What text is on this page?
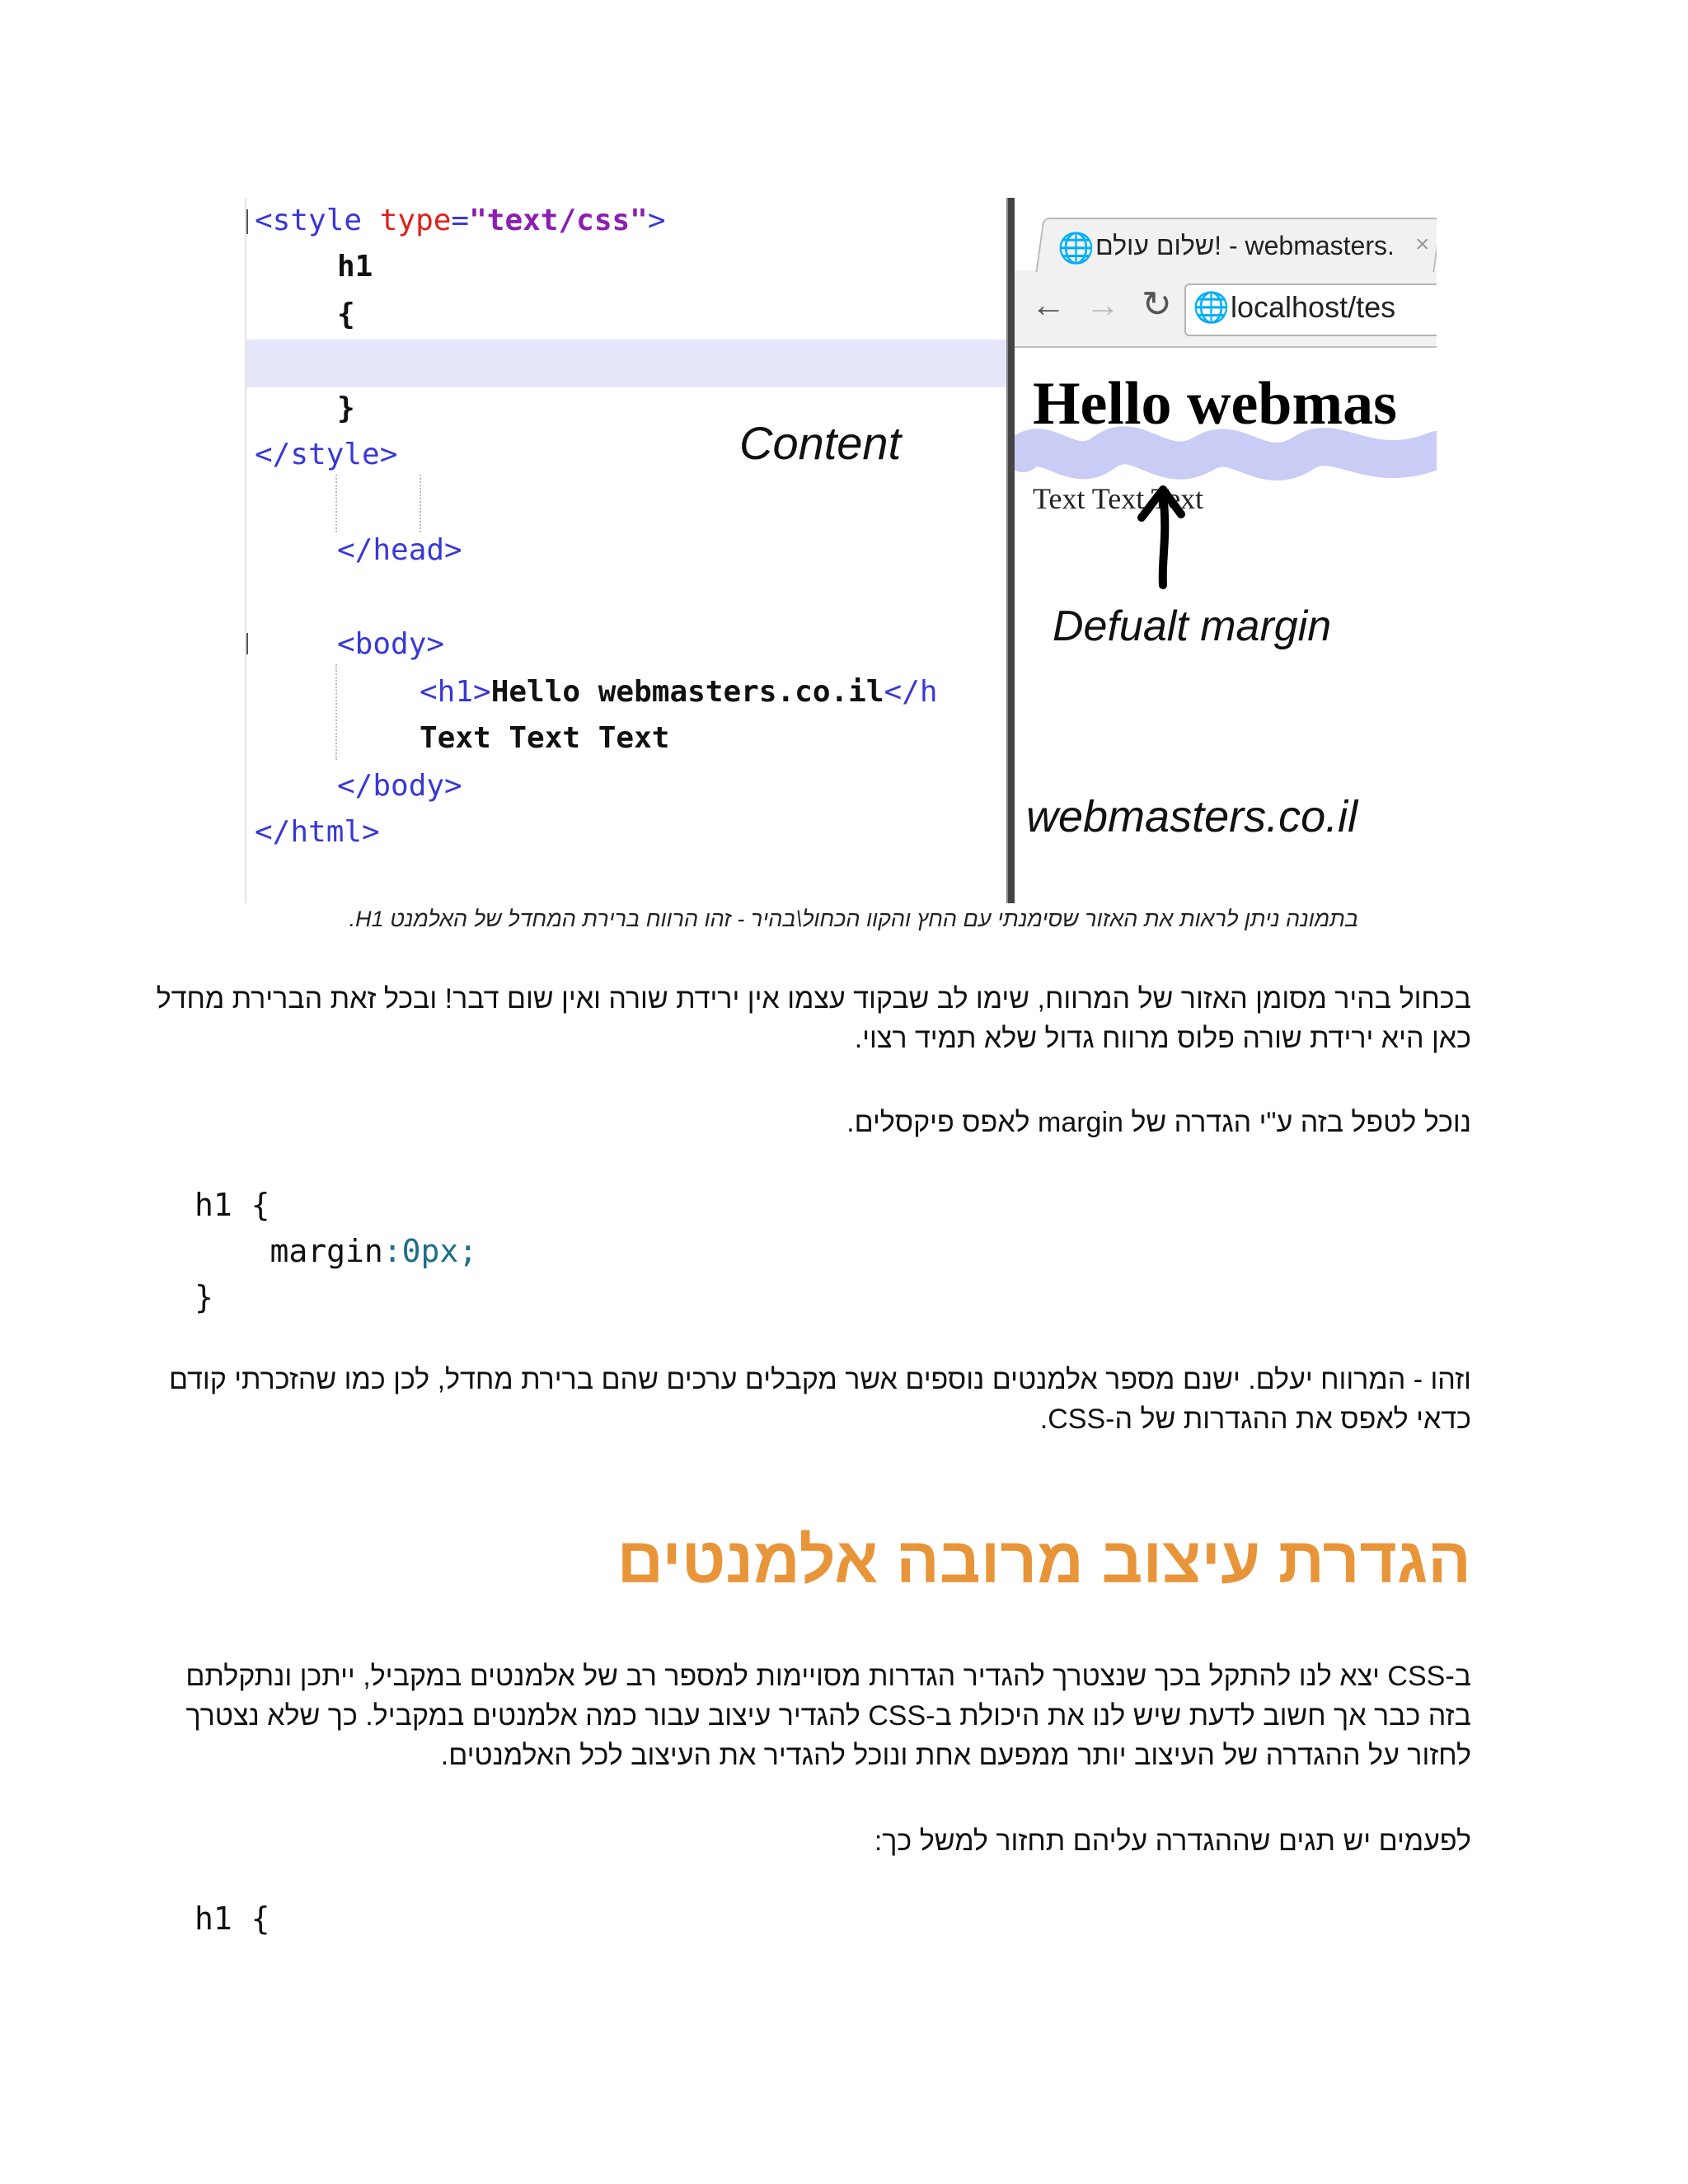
<style type="text/css">
h1
{
}
</style>
</head>
<body>
<h1>Hello webmasters.co.il</h
Text Text Text
</body>
</html>
Content
🌐 שלום עולם! - webmasters. ×
← → ↻ 🌐 localhost/tes
Hello webmas
Text Text Text
Defualt margin
webmasters.co.il
בתמונה ניתן לראות את האזור שסימנתי עם החץ והקוו הכחול\בהיר - זהו הרווח ברירת המחדל של האלמנט H1.
בכחול בהיר מסומן האזור של המרווח, שימו לב שבקוד עצמו אין ירידת שורה ואין שום דבר! ובכל זאת הברירת מחדל כאן היא ירידת שורה פלוס מרווח גדול שלא תמיד רצוי.
נוכל לטפל בזה ע"י הגדרה של margin לאפס פיקסלים.
h1 {
margin:0px;
}
וזהו - המרווח יעלם. ישנם מספר אלמנטים נוספים אשר מקבלים ערכים שהם ברירת מחדל, לכן כמו שהזכרתי קודם כדאי לאפס את ההגדרות של ה-CSS.
הגדרת עיצוב מרובה אלמנטים
ב-CSS יצא לנו להתקל בכך שנצטרך להגדיר הגדרות מסויימות למספר רב של אלמנטים במקביל, ייתכן ונתקלתם בזה כבר אך חשוב לדעת שיש לנו את היכולת ב-CSS להגדיר עיצוב עבור כמה אלמנטים במקביל. כך שלא נצטרך לחזור על ההגדרה של העיצוב יותר ממפעם אחת ונוכל להגדיר את העיצוב לכל האלמנטים.
לפעמים יש תגים שההגדרה עליהם תחזור למשל כך:
h1 {
